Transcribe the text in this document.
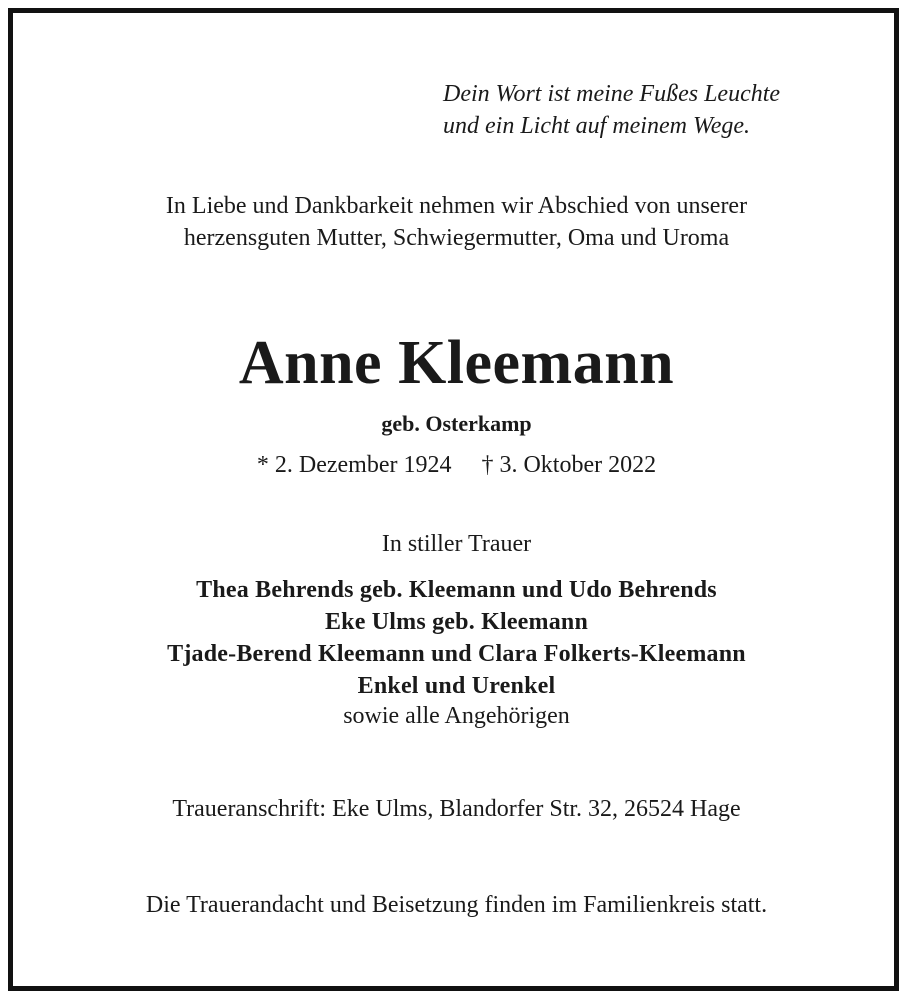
Dein Wort ist meine Fußes Leuchte
und ein Licht auf meinem Wege.
In Liebe und Dankbarkeit nehmen wir Abschied von unserer
herzensguten Mutter, Schwiegermutter, Oma und Uroma
Anne Kleemann
geb. Osterkamp
* 2. Dezember 1924 † 3. Oktober 2022
In stiller Trauer
Thea Behrends geb. Kleemann und Udo Behrends
Eke Ulms geb. Kleemann
Tjade-Berend Kleemann und Clara Folkerts-Kleemann
Enkel und Urenkel
sowie alle Angehörigen
Traueranschrift: Eke Ulms, Blandorfer Str. 32, 26524 Hage
Die Trauerandacht und Beisetzung finden im Familienkreis statt.
